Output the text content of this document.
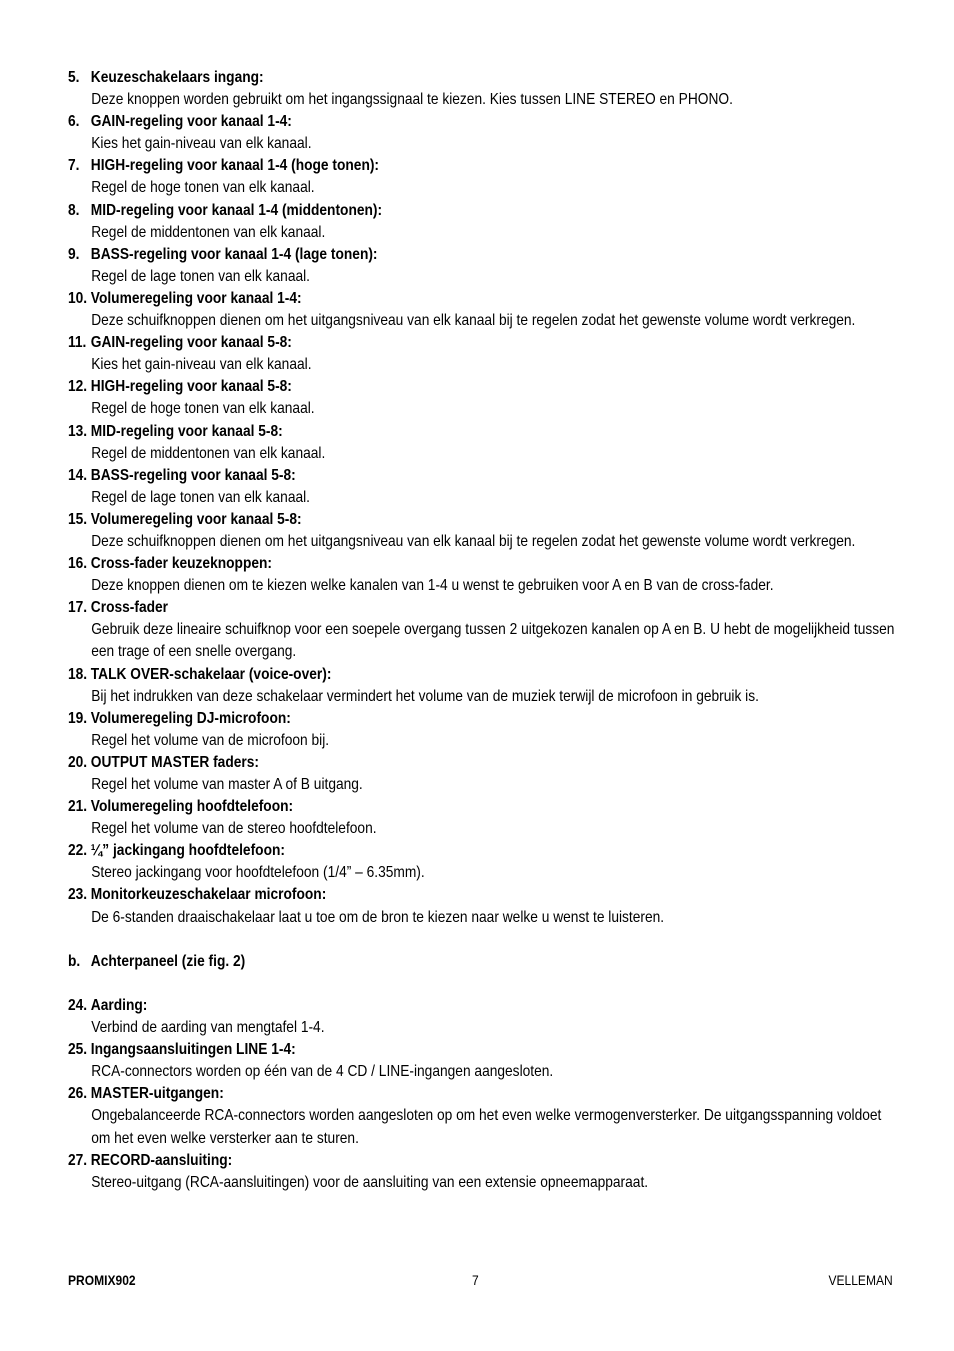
5. Keuzeschakelaars ingang:
Deze knoppen worden gebruikt om het ingangssignaal te kiezen. Kies tussen LINE STEREO en PHONO.
6. GAIN-regeling voor kanaal 1-4:
Kies het gain-niveau van elk kanaal.
7. HIGH-regeling voor kanaal 1-4 (hoge tonen):
Regel de hoge tonen van elk kanaal.
8. MID-regeling voor kanaal 1-4 (middentonen):
Regel de middentonen van elk kanaal.
9. BASS-regeling voor kanaal 1-4 (lage tonen):
Regel de lage tonen van elk kanaal.
10. Volumeregeling voor kanaal 1-4:
Deze schuifknoppen dienen om het uitgangsniveau van elk kanaal bij te regelen zodat het gewenste volume wordt verkregen.
11. GAIN-regeling voor kanaal 5-8:
Kies het gain-niveau van elk kanaal.
12. HIGH-regeling voor kanaal 5-8:
Regel de hoge tonen van elk kanaal.
13. MID-regeling voor kanaal 5-8:
Regel de middentonen van elk kanaal.
14. BASS-regeling voor kanaal 5-8:
Regel de lage tonen van elk kanaal.
15. Volumeregeling voor kanaal 5-8:
Deze schuifknoppen dienen om het uitgangsniveau van elk kanaal bij te regelen zodat het gewenste volume wordt verkregen.
16. Cross-fader keuzeknoppen:
Deze knoppen dienen om te kiezen welke kanalen van 1-4 u wenst te gebruiken voor A en B van de cross-fader.
17. Cross-fader
Gebruik deze lineaire schuifknop voor een soepele overgang tussen 2 uitgekozen kanalen op A en B. U hebt de mogelijkheid tussen een trage of een snelle overgang.
18. TALK OVER-schakelaar (voice-over):
Bij het indrukken van deze schakelaar vermindert het volume van de muziek terwijl de microfoon in gebruik is.
19. Volumeregeling DJ-microfoon:
Regel het volume van de microfoon bij.
20. OUTPUT MASTER faders:
Regel het volume van master A of B uitgang.
21. Volumeregeling hoofdtelefoon:
Regel het volume van de stereo hoofdtelefoon.
22. ¼” jackingang hoofdtelefoon:
Stereo jackingang voor hoofdtelefoon (1/4” – 6.35mm).
23. Monitorkeuzeschakelaar microfoon:
De 6-standen draaischakelaar laat u toe om de bron te kiezen naar welke u wenst te luisteren.
b. Achterpaneel (zie fig. 2)
24. Aarding:
Verbind de aarding van mengtafel 1-4.
25. Ingangsaansluitingen LINE 1-4:
RCA-connectors worden op één van de 4 CD / LINE-ingangen aangesloten.
26. MASTER-uitgangen:
Ongebalanceerde RCA-connectors worden aangesloten op om het even welke vermogenversterker. De uitgangsspanning voldoet om het even welke versterker aan te sturen.
27. RECORD-aansluiting:
Stereo-uitgang (RCA-aansluitingen) voor de aansluiting van een extensie opneemapparaat.
PROMIX902	7	VELLEMAN
